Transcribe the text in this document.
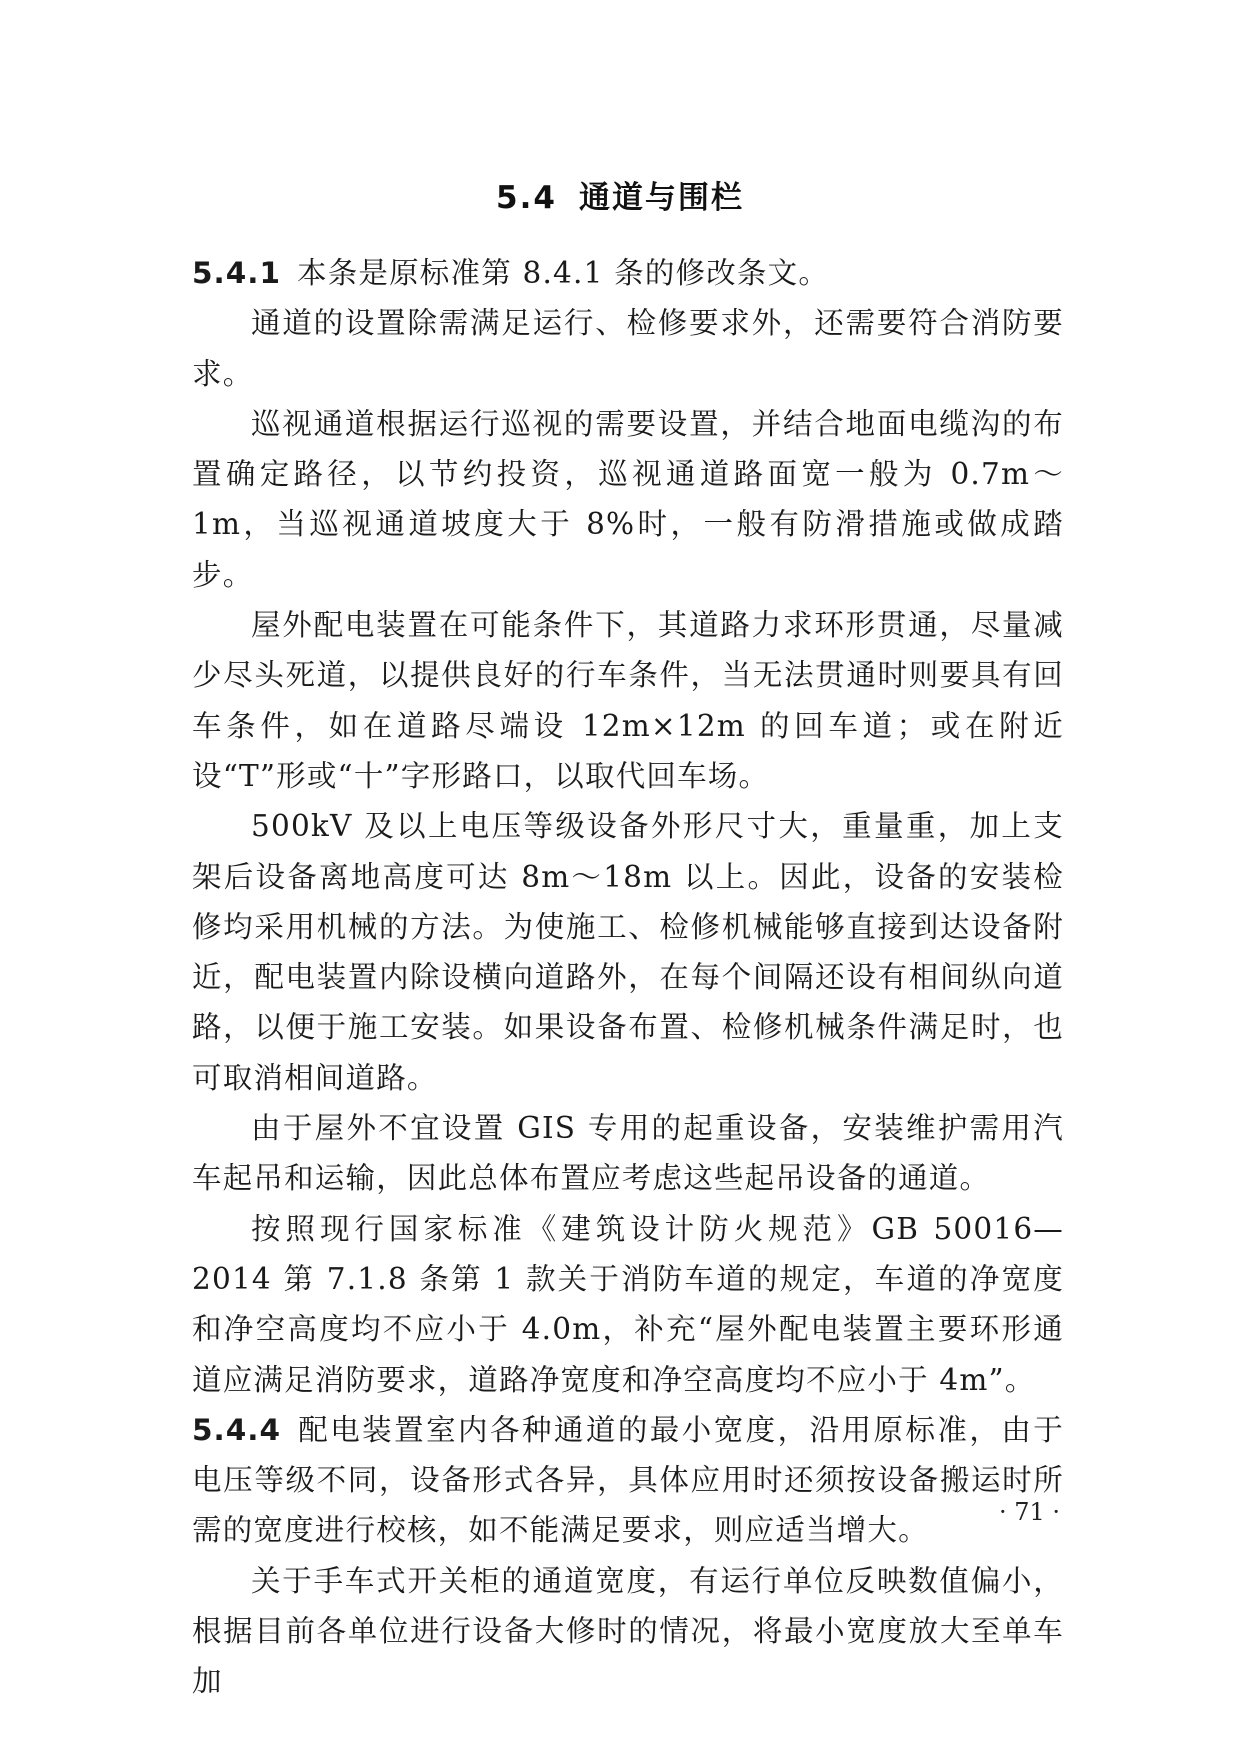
5.4 通道与围栏

5.4.1 本条是原标准第 8.4.1 条的修改条文。

通道的设置除需满足运行、检修要求外，还需要符合消防要求。

巡视通道根据运行巡视的需要设置，并结合地面电缆沟的布置确定路径，以节约投资，巡视通道路面宽一般为 0.7m～1m，当巡视通道坡度大于 8%时，一般有防滑措施或做成踏步。

屋外配电装置在可能条件下，其道路力求环形贯通，尽量减少尽头死道，以提供良好的行车条件，当无法贯通时则要具有回车条件，如在道路尽端设 12m×12m 的回车道；或在附近设“T”形或“十”字形路口，以取代回车场。

500kV 及以上电压等级设备外形尺寸大，重量重，加上支架后设备离地高度可达 8m～18m 以上。因此，设备的安装检修均采用机械的方法。为使施工、检修机械能够直接到达设备附近，配电装置内除设横向道路外，在每个间隔还设有相间纵向道路，以便于施工安装。如果设备布置、检修机械条件满足时，也可取消相间道路。

由于屋外不宜设置 GIS 专用的起重设备，安装维护需用汽车起吊和运输，因此总体布置应考虑这些起吊设备的通道。

按照现行国家标准《建筑设计防火规范》GB 50016—2014 第 7.1.8 条第 1 款关于消防车道的规定，车道的净宽度和净空高度均不应小于 4.0m，补充“屋外配电装置主要环形通道应满足消防要求，道路净宽度和净空高度均不应小于 4m”。

5.4.4 配电装置室内各种通道的最小宽度，沿用原标准，由于电压等级不同，设备形式各异，具体应用时还须按设备搬运时所需的宽度进行校核，如不能满足要求，则应适当增大。

关于手车式开关柜的通道宽度，有运行单位反映数值偏小，根据目前各单位进行设备大修时的情况，将最小宽度放大至单车加

· 71 ·
